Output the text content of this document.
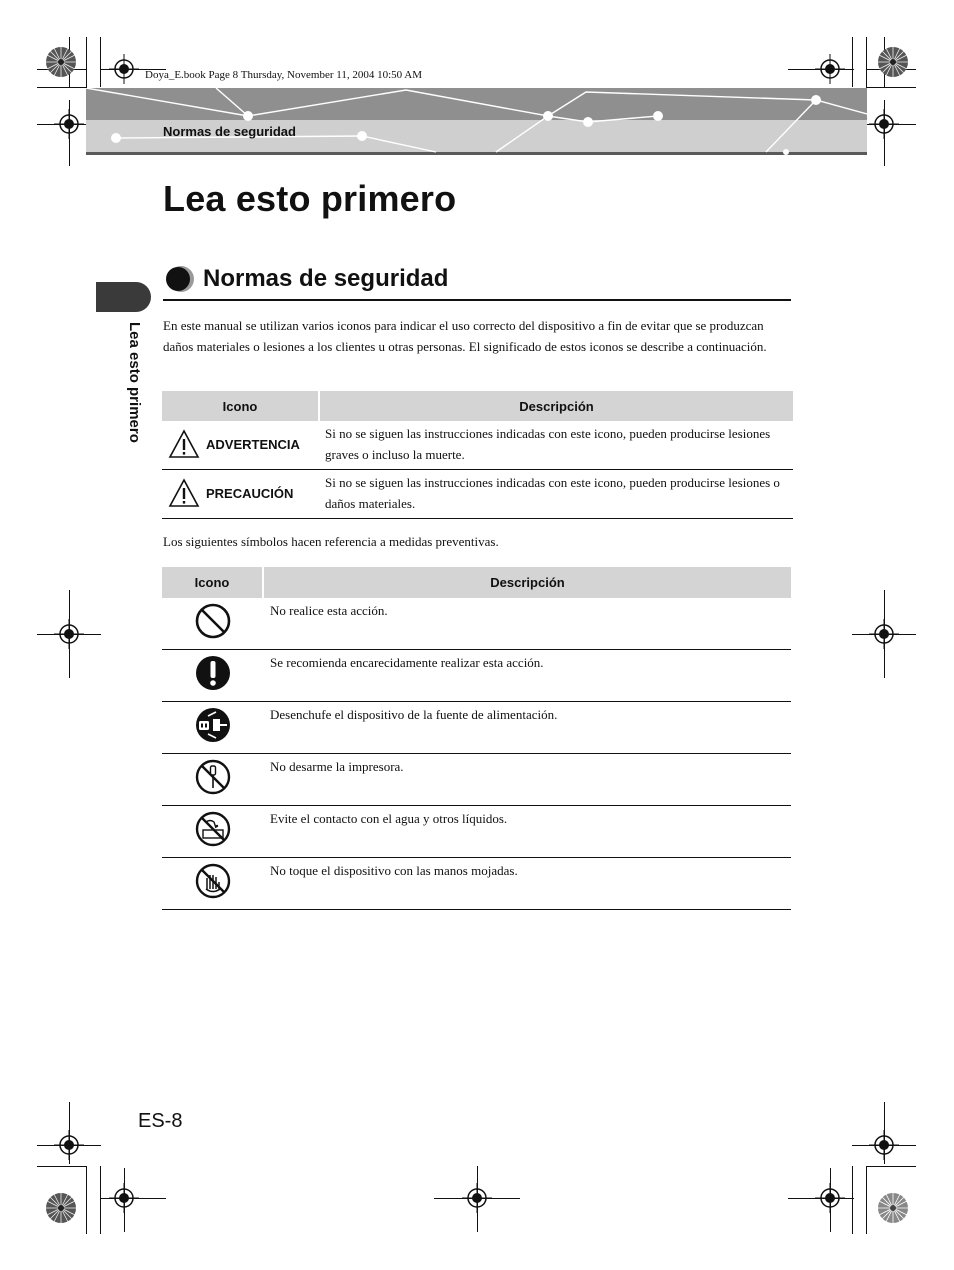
Doya_E.book Page 8 Thursday, November 11, 2004 10:50 AM
Normas de seguridad
Lea esto primero
Lea esto primero
Normas de seguridad
En este manual se utilizan varios iconos para indicar el uso correcto del dispositivo a fin de evitar que se produzcan daños materiales o lesiones a los clientes u otras personas. El significado de estos iconos se describe a continuación.
Icono	Descripción

ADVERTENCIA	Si no se siguen las instrucciones indicadas con este icono, pueden producirse lesiones graves o incluso la muerte.

PRECAUCIÓN	Si no se siguen las instrucciones indicadas con este icono, pueden producirse lesiones o daños materiales.
Los siguientes símbolos hacen referencia a medidas preventivas.
Icono	Descripción
	No realice esta acción.
	Se recomienda encarecidamente realizar esta acción.
	Desenchufe el dispositivo de la fuente de alimentación.
	No desarme la impresora.
	Evite el contacto con el agua y otros líquidos.
	No toque el dispositivo con las manos mojadas.
ES-8
